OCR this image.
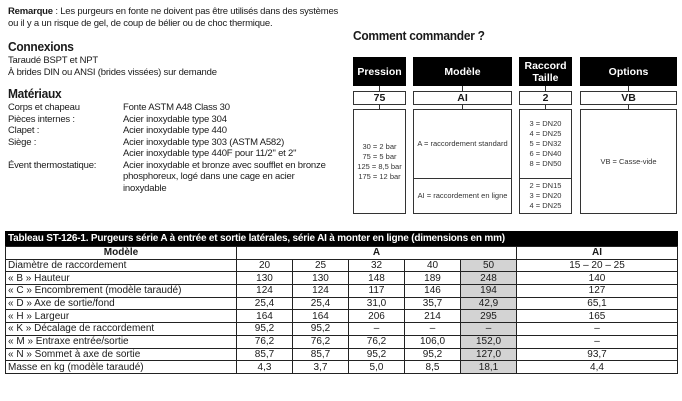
Remarque : Les purgeurs en fonte ne doivent pas être utilisés dans des systèmes ou il y a un risque de gel, de coup de bélier ou de choc thermique.
Connexions
Taraudé BSPT et NPT
À brides DIN ou ANSI (brides vissées) sur demande
Matériaux
Corps et chapeau	Fonte ASTM A48 Class 30
Pièces internes :	Acier inoxydable type 304
Clapet :	Acier inoxydable type 440
Siège :	Acier inoxydable type 303 (ASTM A582)
Acier inoxydable type 440F pour 11/2" et 2"
Évent thermostatique:	Acier inoxydable et bronze avec soufflet en bronze phosphoreux, logé dans une cage en acier inoxydable
Comment commander ?
Pression
75
30 = 2 bar
75 = 5 bar
125 = 8,5 bar
175 = 12 bar
Modèle
AI
A = raccordement standard
AI = raccordement en ligne
Raccord
Taille
2
3 = DN20
4 = DN25
5 = DN32
6 = DN40
8 = DN50
2 = DN15
3 = DN20
4 = DN25
Options
VB
VB = Casse-vide
Tableau ST-126-1. Purgeurs série A à entrée et sortie latérales, série AI à monter en ligne (dimensions en mm)
Modèle	A					AI
Diamètre de raccordement	20	25	32	40	50	15 – 20 – 25
« B » Hauteur	130	130	148	189	248	140
« C » Encombrement (modèle taraudé)	124	124	117	146	194	127
« D » Axe de sortie/fond	25,4	25,4	31,0	35,7	42,9	65,1
« H » Largeur	164	164	206	214	295	165
« K » Décalage de raccordement	95,2	95,2	–	–	–	–
« M » Entraxe entrée/sortie	76,2	76,2	76,2	106,0	152,0	–
« N » Sommet à axe de sortie	85,7	85,7	95,2	95,2	127,0	93,7
Masse en kg (modèle taraudé)	4,3	3,7	5,0	8,5	18,1	4,4
